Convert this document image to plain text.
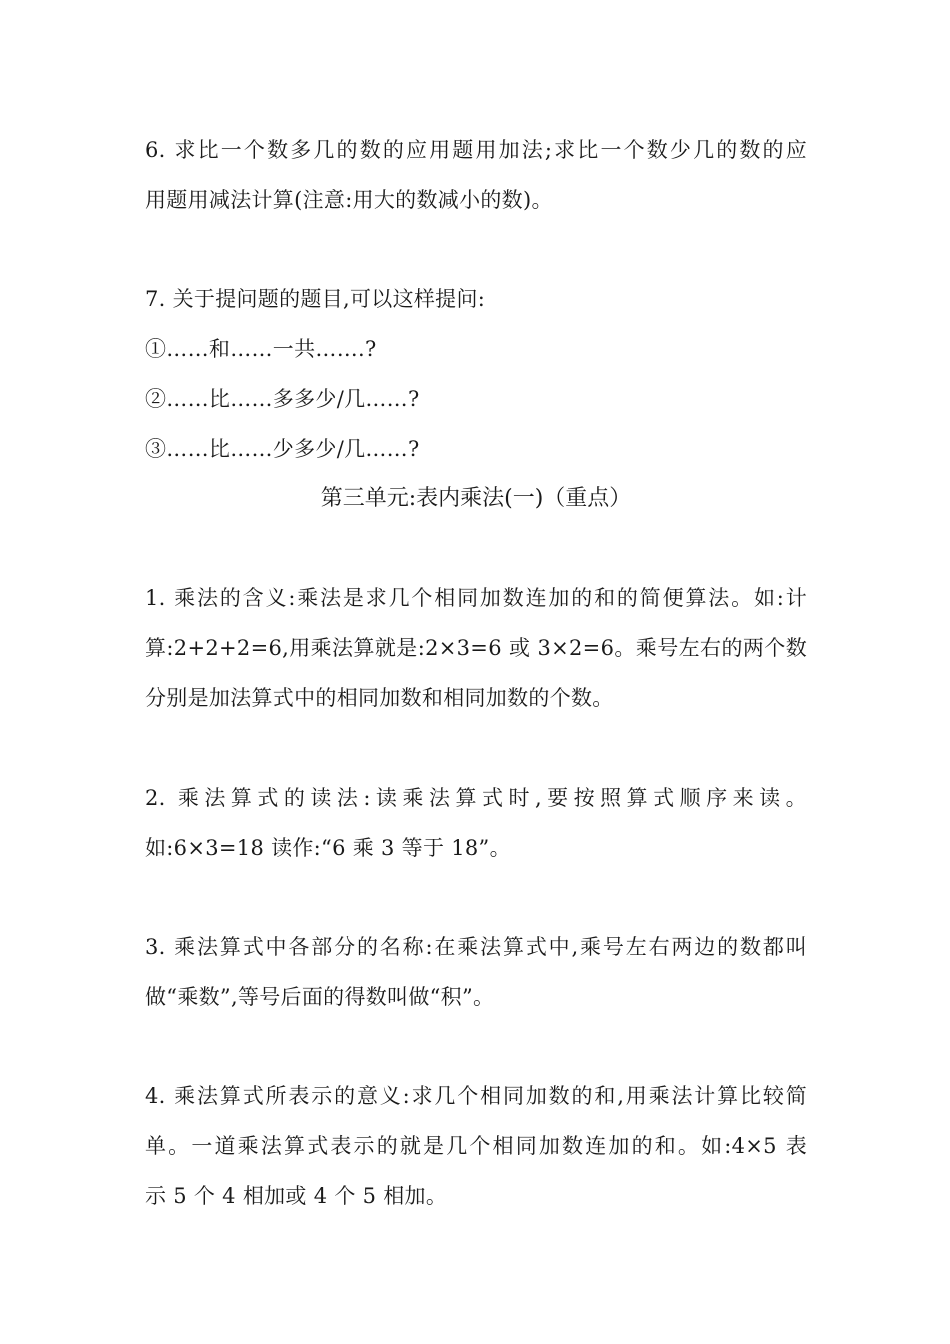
6. 求比一个数多几的数的应用题用加法;求比一个数少几的数的应
用题用减法计算(注意:用大的数减小的数)。
7. 关于提问题的题目,可以这样提问:
①……和……一共…….?
②……比……多多少/几……?
③……比……少多少/几……?
第三单元:表内乘法(一)（重点）
1. 乘法的含义:乘法是求几个相同加数连加的和的简便算法。如:计
算:2+2+2=6,用乘法算就是:2×3=6 或 3×2=6。乘号左右的两个数
分别是加法算式中的相同加数和相同加数的个数。
2. 乘法算式的读法:读乘法算式时,要按照算式顺序来读。
如:6×3=18 读作:“6 乘 3 等于 18”。
3. 乘法算式中各部分的名称:在乘法算式中,乘号左右两边的数都叫
做“乘数”,等号后面的得数叫做“积”。
4. 乘法算式所表示的意义:求几个相同加数的和,用乘法计算比较简
单。一道乘法算式表示的就是几个相同加数连加的和。如:4×5 表
示 5 个 4 相加或 4 个 5 相加。
